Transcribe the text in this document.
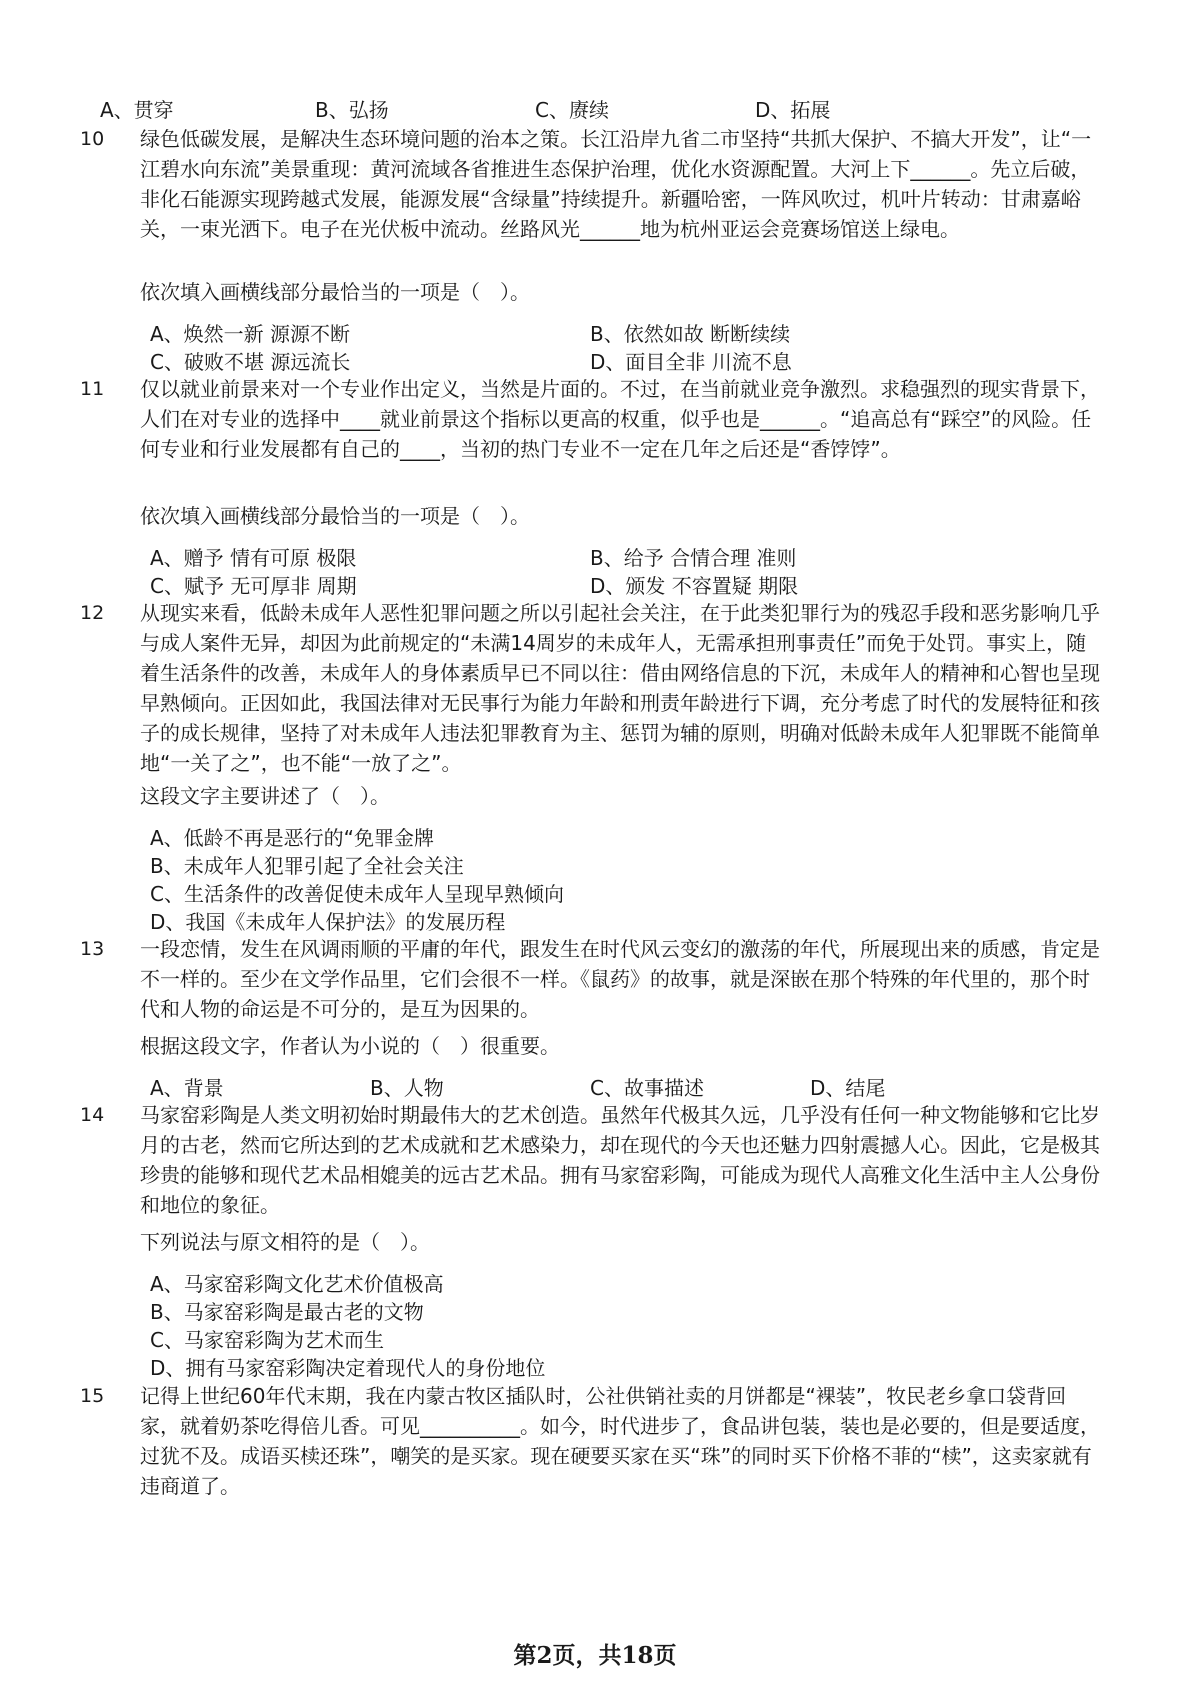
A、贯穿	B、弘扬	C、赓续	D、拓展
10 绿色低碳发展，是解决生态环境问题的治本之策。长江沿岸九省二市坚持“共抓大保护、不搞大开发”，让“一江碧水向东流”美景重现：黄河流域各省推进生态保护治理，优化水资源配置。大河上下______。先立后破，非化石能源实现跨越式发展，能源发展“含绿量”持续提升。新疆哈密，一阵风吹过，机叶片转动：甘肃嘉峪关，一束光洒下。电子在光伏板中流动。丝路风光______地为杭州亚运会竞赛场馆送上绿电。
依次填入画横线部分最恰当的一项是（　）。
A、焕然一新 源源不断	B、依然如故 断断续续
C、破败不堪 源远流长	D、面目全非 川流不息
11 仅以就业前景来对一个专业作出定义，当然是片面的。不过，在当前就业竞争激烈。求稳强烈的现实背景下，人们在对专业的选择中____就业前景这个指标以更高的权重，似乎也是______。“追高总有“踩空”的风险。任何专业和行业发展都有自己的____，当初的热门专业不一定在几年之后还是“香饽饽”。
依次填入画横线部分最恰当的一项是（　）。
A、赠予 情有可原 极限	B、给予 合情合理 准则
C、赋予 无可厚非 周期	D、颁发 不容置疑 期限
12 从现实来看，低龄未成年人恶性犯罪问题之所以引起社会关注，在于此类犯罪行为的残忍手段和恶劣影响几乎与成人案件无异，却因为此前规定的“未满14周岁的未成年人，无需承担刑事责任”而免于处罚。事实上，随着生活条件的改善，未成年人的身体素质早已不同以往：借由网络信息的下沉，未成年人的精神和心智也呈现早熟倾向。正因如此，我国法律对无民事行为能力年龄和刑责年龄进行下调，充分考虑了时代的发展特征和孩子的成长规律，坚持了对未成年人违法犯罪教育为主、惩罚为辅的原则，明确对低龄未成年人犯罪既不能简单地“一关了之”，也不能“一放了之”。
这段文字主要讲述了（　）。
A、低龄不再是恶行的“免罪金牌
B、未成年人犯罪引起了全社会关注
C、生活条件的改善促使未成年人呈现早熟倾向
D、我国《未成年人保护法》的发展历程
13 一段恋情，发生在风调雨顺的平庸的年代，跟发生在时代风云变幻的激荡的年代，所展现出来的质感，肯定是不一样的。至少在文学作品里，它们会很不一样。《鼠药》的故事，就是深嵌在那个特殊的年代里的，那个时代和人物的命运是不可分的，是互为因果的。
根据这段文字，作者认为小说的（　）很重要。
A、背景	B、人物	C、故事描述	D、结尾
14 马家窑彩陶是人类文明初始时期最伟大的艺术创造。虽然年代极其久远，几乎没有任何一种文物能够和它比岁月的古老，然而它所达到的艺术成就和艺术感染力，却在现代的今天也还魅力四射震撼人心。因此，它是极其珍贵的能够和现代艺术品相媲美的远古艺术品。拥有马家窑彩陶，可能成为现代人高雅文化生活中主人公身份和地位的象征。
下列说法与原文相符的是（　）。
A、马家窑彩陶文化艺术价值极高
B、马家窑彩陶是最古老的文物
C、马家窑彩陶为艺术而生
D、拥有马家窑彩陶决定着现代人的身份地位
15 记得上世纪60年代末期，我在内蒙古牧区插队时，公社供销社卖的月饼都是“裸装”，牧民老乡拿口袋背回家，就着奶茶吃得倍儿香。可见__________。如今，时代进步了，食品讲包装，装也是必要的，但是要适度，过犹不及。成语买椟还珠”，嘲笑的是买家。现在硬要买家在买“珠”的同时买下价格不菲的“椟”，这卖家就有违商道了。
第2页，共18页
